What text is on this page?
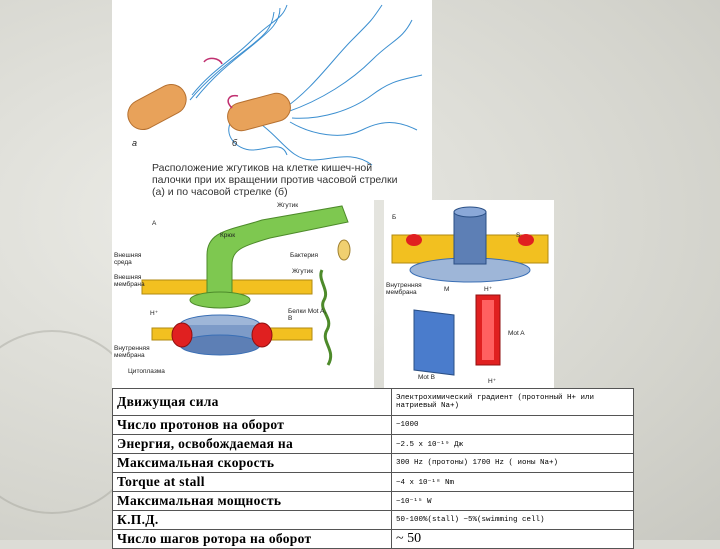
а	б
Расположение жгутиков на клетке кишеч-ной палочки при их вращении против часовой стрелки (а) и по часовой стрелке (б)
А
Жгутик
Крюк
Бактерия
Жгутик
Внешняя среда
Внешняя мембрана
H⁺	Белки Mot A, B
Внутренняя мембрана
Цитоплазма
Б
Внутренняя мембрана	M
S
H⁺
H⁺
Mot A
Mot B
Движущая сила	Электрохимический градиент (протонный H+ или натриевый Na+)
Число протонов на оборот	~1000
Энергия, освобождаемая на	~2.5 x 10⁻¹⁹ Дж
Максимальная скорость	300 Hz (протоны) 1700 Hz ( ионы Na+)
Torque at stall	~4 x 10⁻¹⁸ Nm
Максимальная мощность	~10⁻¹⁵ W
К.П.Д.	50-100%(stall) ~5%(swimming cell)
Число шагов ротора на оборот	~ 50
